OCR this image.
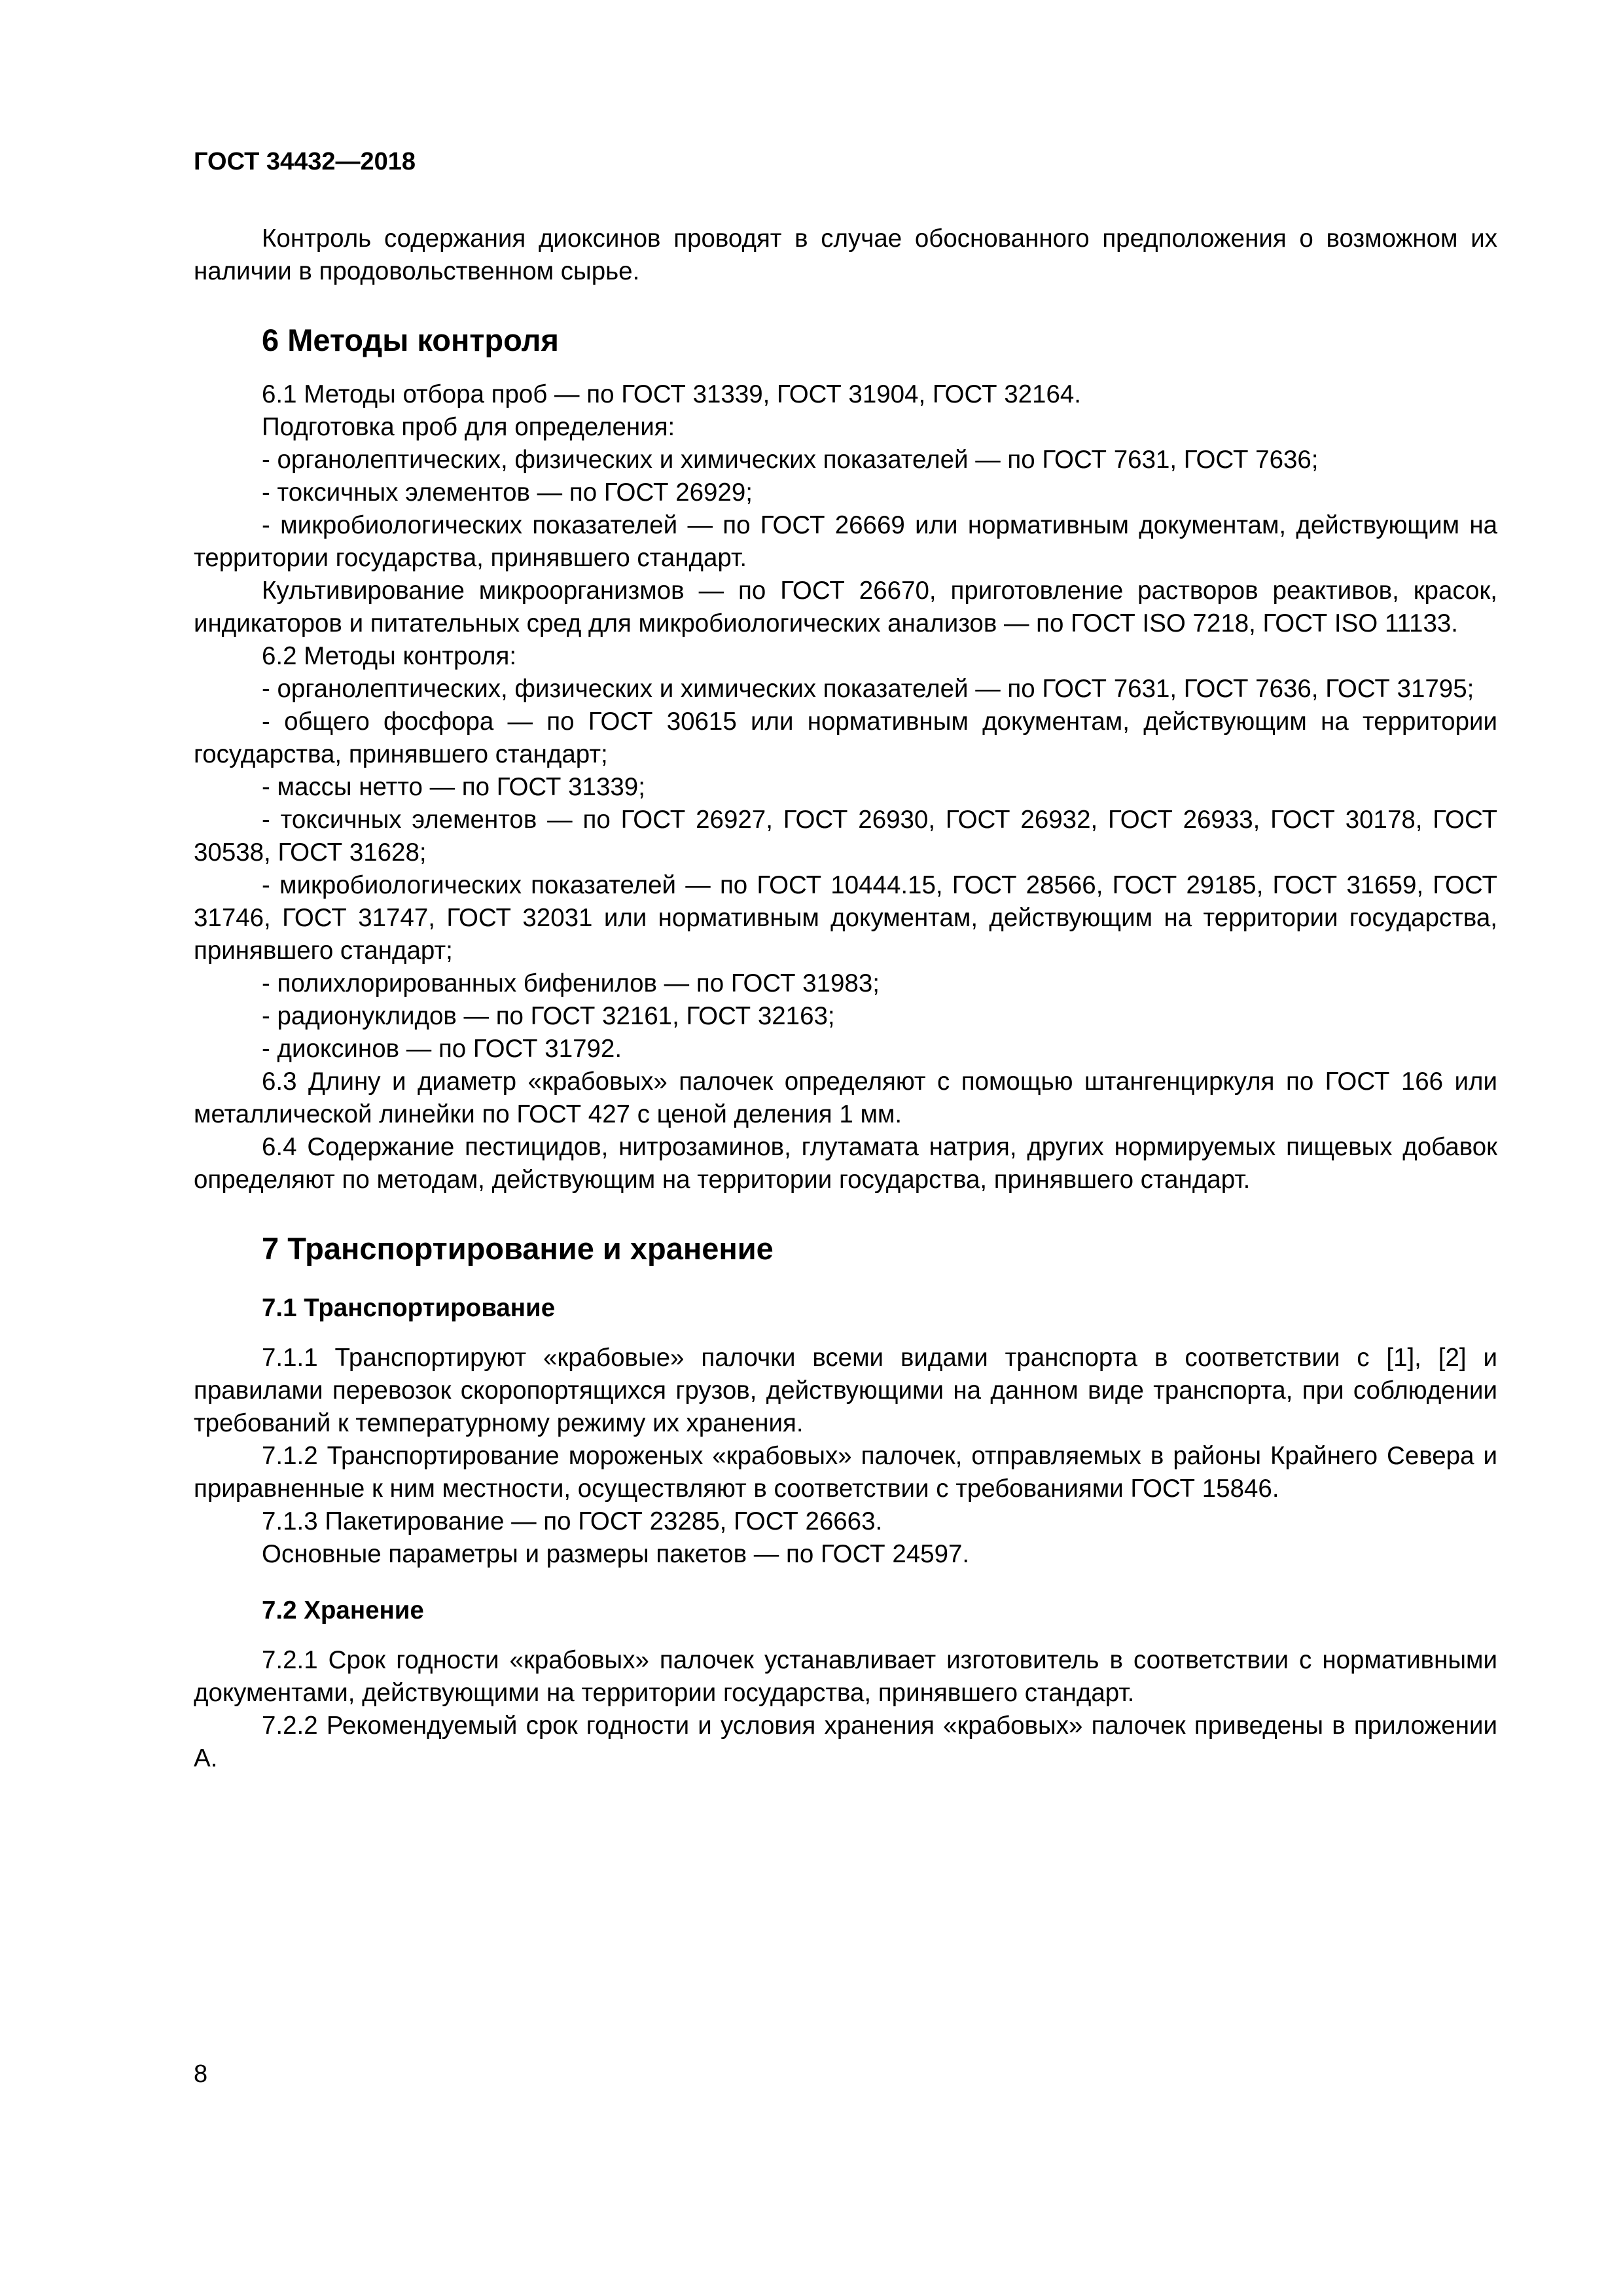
ГОСТ 34432—2018

Контроль содержания диоксинов проводят в случае обоснованного предположения о возможном их наличии в продовольственном сырье.

6 Методы контроля

6.1 Методы отбора проб — по ГОСТ 31339, ГОСТ 31904, ГОСТ 32164.

Подготовка проб для определения:

- органолептических, физических и химических показателей — по ГОСТ 7631, ГОСТ 7636;

- токсичных элементов — по ГОСТ 26929;

- микробиологических показателей — по ГОСТ 26669 или нормативным документам, действующим на территории государства, принявшего стандарт.

Культивирование микроорганизмов — по ГОСТ 26670, приготовление растворов реактивов, красок, индикаторов и питательных сред для микробиологических анализов — по ГОСТ ISO 7218, ГОСТ ISO 11133.

6.2 Методы контроля:

- органолептических, физических и химических показателей — по ГОСТ 7631, ГОСТ 7636, ГОСТ 31795;

- общего фосфора — по ГОСТ 30615 или нормативным документам, действующим на территории государства, принявшего стандарт;

- массы нетто — по ГОСТ 31339;

- токсичных элементов — по ГОСТ 26927, ГОСТ 26930, ГОСТ 26932, ГОСТ 26933, ГОСТ 30178, ГОСТ 30538, ГОСТ 31628;

- микробиологических показателей — по ГОСТ 10444.15, ГОСТ 28566, ГОСТ 29185, ГОСТ 31659, ГОСТ 31746, ГОСТ 31747, ГОСТ 32031 или нормативным документам, действующим на территории государства, принявшего стандарт;

- полихлорированных бифенилов — по ГОСТ 31983;

- радионуклидов — по ГОСТ 32161, ГОСТ 32163;

- диоксинов — по ГОСТ 31792.

6.3 Длину и диаметр «крабовых» палочек определяют с помощью штангенциркуля по ГОСТ 166 или металлической линейки по ГОСТ 427 с ценой деления 1 мм.

6.4 Содержание пестицидов, нитрозаминов, глутамата натрия, других нормируемых пищевых добавок определяют по методам, действующим на территории государства, принявшего стандарт.

7 Транспортирование и хранение
7.1 Транспортирование

7.1.1 Транспортируют «крабовые» палочки всеми видами транспорта в соответствии с [1], [2] и правилами перевозок скоропортящихся грузов, действующими на данном виде транспорта, при соблюдении требований к температурному режиму их хранения.

7.1.2 Транспортирование мороженых «крабовых» палочек, отправляемых в районы Крайнего Севера и приравненные к ним местности, осуществляют в соответствии с требованиями ГОСТ 15846.

7.1.3 Пакетирование — по ГОСТ 23285, ГОСТ 26663.

Основные параметры и размеры пакетов — по ГОСТ 24597.

7.2 Хранение

7.2.1 Срок годности «крабовых» палочек устанавливает изготовитель в соответствии с нормативными документами, действующими на территории государства, принявшего стандарт.

7.2.2 Рекомендуемый срок годности и условия хранения «крабовых» палочек приведены в приложении А.

8
